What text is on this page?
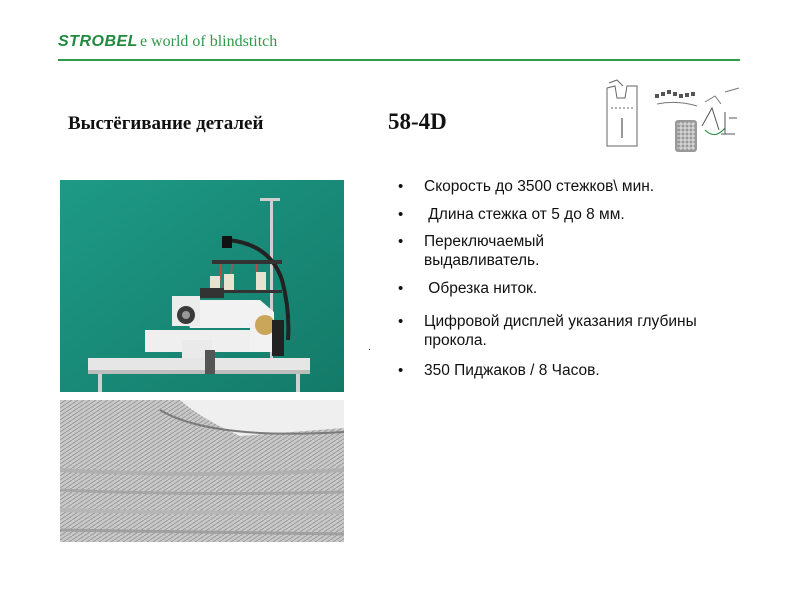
STROBEL e world of blindstitch
Выстёгивание деталей	58-4D
• Скорость до 3500 стежков\ мин.
• Длина стежка от 5 до 8 мм.
• Переключаемый выдавливатель.
• Обрезка ниток.
• Цифровой дисплей указания глубины прокола.
• 350 Пиджаков / 8 Часов.
.
